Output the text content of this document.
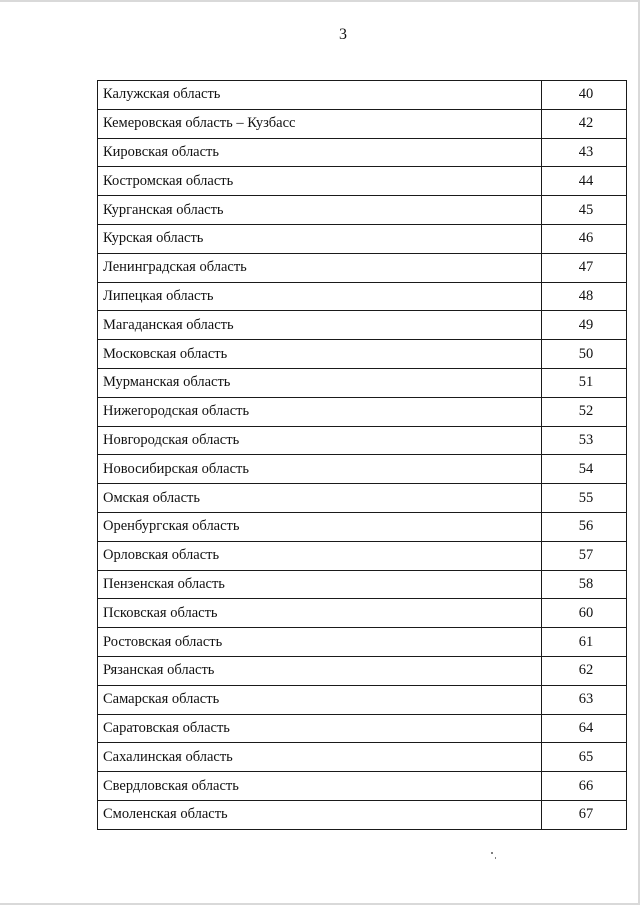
3
Калужская область	40
Кемеровская область – Кузбасс	42
Кировская область	43
Костромская область	44
Курганская область	45
Курская область	46
Ленинградская область	47
Липецкая область	48
Магаданская область	49
Московская область	50
Мурманская область	51
Нижегородская область	52
Новгородская область	53
Новосибирская область	54
Омская область	55
Оренбургская область	56
Орловская область	57
Пензенская область	58
Псковская область	60
Ростовская область	61
Рязанская область	62
Самарская область	63
Саратовская область	64
Сахалинская область	65
Свердловская область	66
Смоленская область	67
